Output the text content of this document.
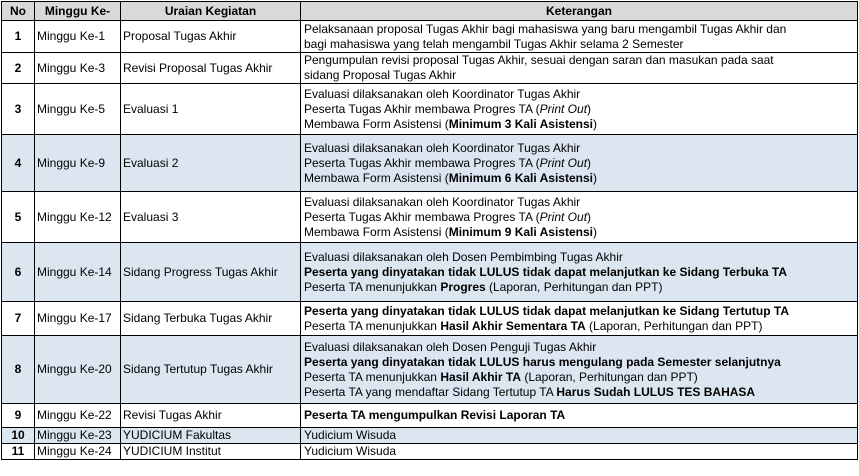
No	Minggu Ke-	Uraian Kegiatan	Keterangan
1	Minggu Ke-1	Proposal Tugas Akhir	Pelaksanaan proposal Tugas Akhir bagi mahasiswa yang baru mengambil Tugas Akhir dan
bagi mahasiswa yang telah mengambil Tugas Akhir selama 2 Semester

2	Minggu Ke-3	Revisi Proposal Tugas Akhir	Pengumpulan revisi proposal Tugas Akhir, sesuai dengan saran dan masukan pada saat
sidang Proposal Tugas Akhir

3	Minggu Ke-5	Evaluasi 1	Evaluasi dilaksanakan oleh Koordinator Tugas Akhir
Peserta Tugas Akhir membawa Progres TA (Print Out)
Membawa Form Asistensi (Minimum 3 Kali Asistensi)

4	Minggu Ke-9	Evaluasi 2	Evaluasi dilaksanakan oleh Koordinator Tugas Akhir
Peserta Tugas Akhir membawa Progres TA (Print Out)
Membawa Form Asistensi (Minimum 6 Kali Asistensi)

5	Minggu Ke-12	Evaluasi 3	Evaluasi dilaksanakan oleh Koordinator Tugas Akhir
Peserta Tugas Akhir membawa Progres TA (Print Out)
Membawa Form Asistensi (Minimum 9 Kali Asistensi)

6	Minggu Ke-14	Sidang Progress Tugas Akhir	Evaluasi dilaksanakan oleh Dosen Pembimbing Tugas Akhir
Peserta yang dinyatakan tidak LULUS tidak dapat melanjutkan ke Sidang Terbuka TA
Peserta TA menunjukkan Progres (Laporan, Perhitungan dan PPT)

7	Minggu Ke-17	Sidang Terbuka Tugas Akhir	Peserta yang dinyatakan tidak LULUS tidak dapat melanjutkan ke Sidang Tertutup TA
Peserta TA menunjukkan Hasil Akhir Sementara TA (Laporan, Perhitungan dan PPT)

8	Minggu Ke-20	Sidang Tertutup Tugas Akhir	Evaluasi dilaksanakan oleh Dosen Penguji Tugas Akhir
Peserta yang dinyatakan tidak LULUS harus mengulang pada Semester selanjutnya
Peserta TA menunjukkan Hasil Akhir TA (Laporan, Perhitungan dan PPT)
Peserta TA yang mendaftar Sidang Tertutup TA Harus Sudah LULUS TES BAHASA

9	Minggu Ke-22	Revisi Tugas Akhir	Peserta TA mengumpulkan Revisi Laporan TA

10	Minggu Ke-23	YUDICIUM Fakultas	Yudicium Wisuda

11	Minggu Ke-24	YUDICIUM Institut	Yudicium Wisuda
